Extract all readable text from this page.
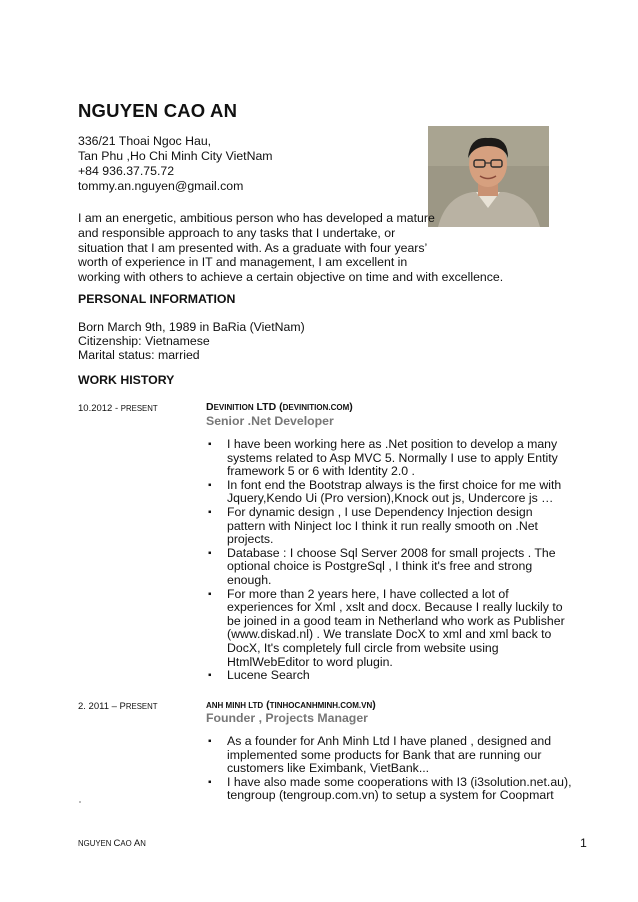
NGUYEN CAO AN
336/21 Thoai Ngoc Hau,
Tan Phu ,Ho Chi Minh City VietNam
+84 936.37.75.72
tommy.an.nguyen@gmail.com
I am an energetic, ambitious person who has developed a mature
and responsible approach to any tasks that I undertake, or
situation that I am presented with. As a graduate with four years’
worth of experience in IT and management, I am excellent in
working with others to achieve a certain objective on time and with excellence.
PERSONAL INFORMATION
Born March 9th, 1989 in BaRia (VietNam)
Citizenship: Vietnamese
Marital status: married
WORK HISTORY
10.2012 - PRESENT	DEVINITION LTD (DEVINITION.COM)
Senior .Net Developer
▪ I have been working here as .Net position to develop a many
systems related to Asp MVC 5. Normally I use to apply Entity
framework 5 or 6 with Identity 2.0 .
▪ In font end the Bootstrap always is the first choice for me with
Jquery,Kendo Ui (Pro version),Knock out js, Undercore js …
▪ For dynamic design , I use Dependency Injection design
pattern with Ninject Ioc I think it run really smooth on .Net
projects.
▪ Database : I choose Sql Server 2008 for small projects . The
optional choice is PostgreSql , I think it's free and strong
enough.
▪ For more than 2 years here, I have collected a lot of
experiences for Xml , xslt and docx. Because I really luckily to
be joined in a good team in Netherland who work as Publisher
(www.diskad.nl) . We translate DocX to xml and xml back to
DocX, It's completely full circle from website using
HtmlWebEditor to word plugin.
▪ Lucene Search
2. 2011 – PRESENT	ANH MINH LTD (TINHOCANHMINH.COM.VN)
Founder , Projects Manager
▪ As a founder for Anh Minh Ltd I have planed , designed and
implemented some products for Bank that are running our
customers like Eximbank, VietBank...
▪ I have also made some cooperations with I3 (i3solution.net.au),
tengroup (tengroup.com.vn) to setup a system for Coopmart
NGUYEN CAO AN	1
